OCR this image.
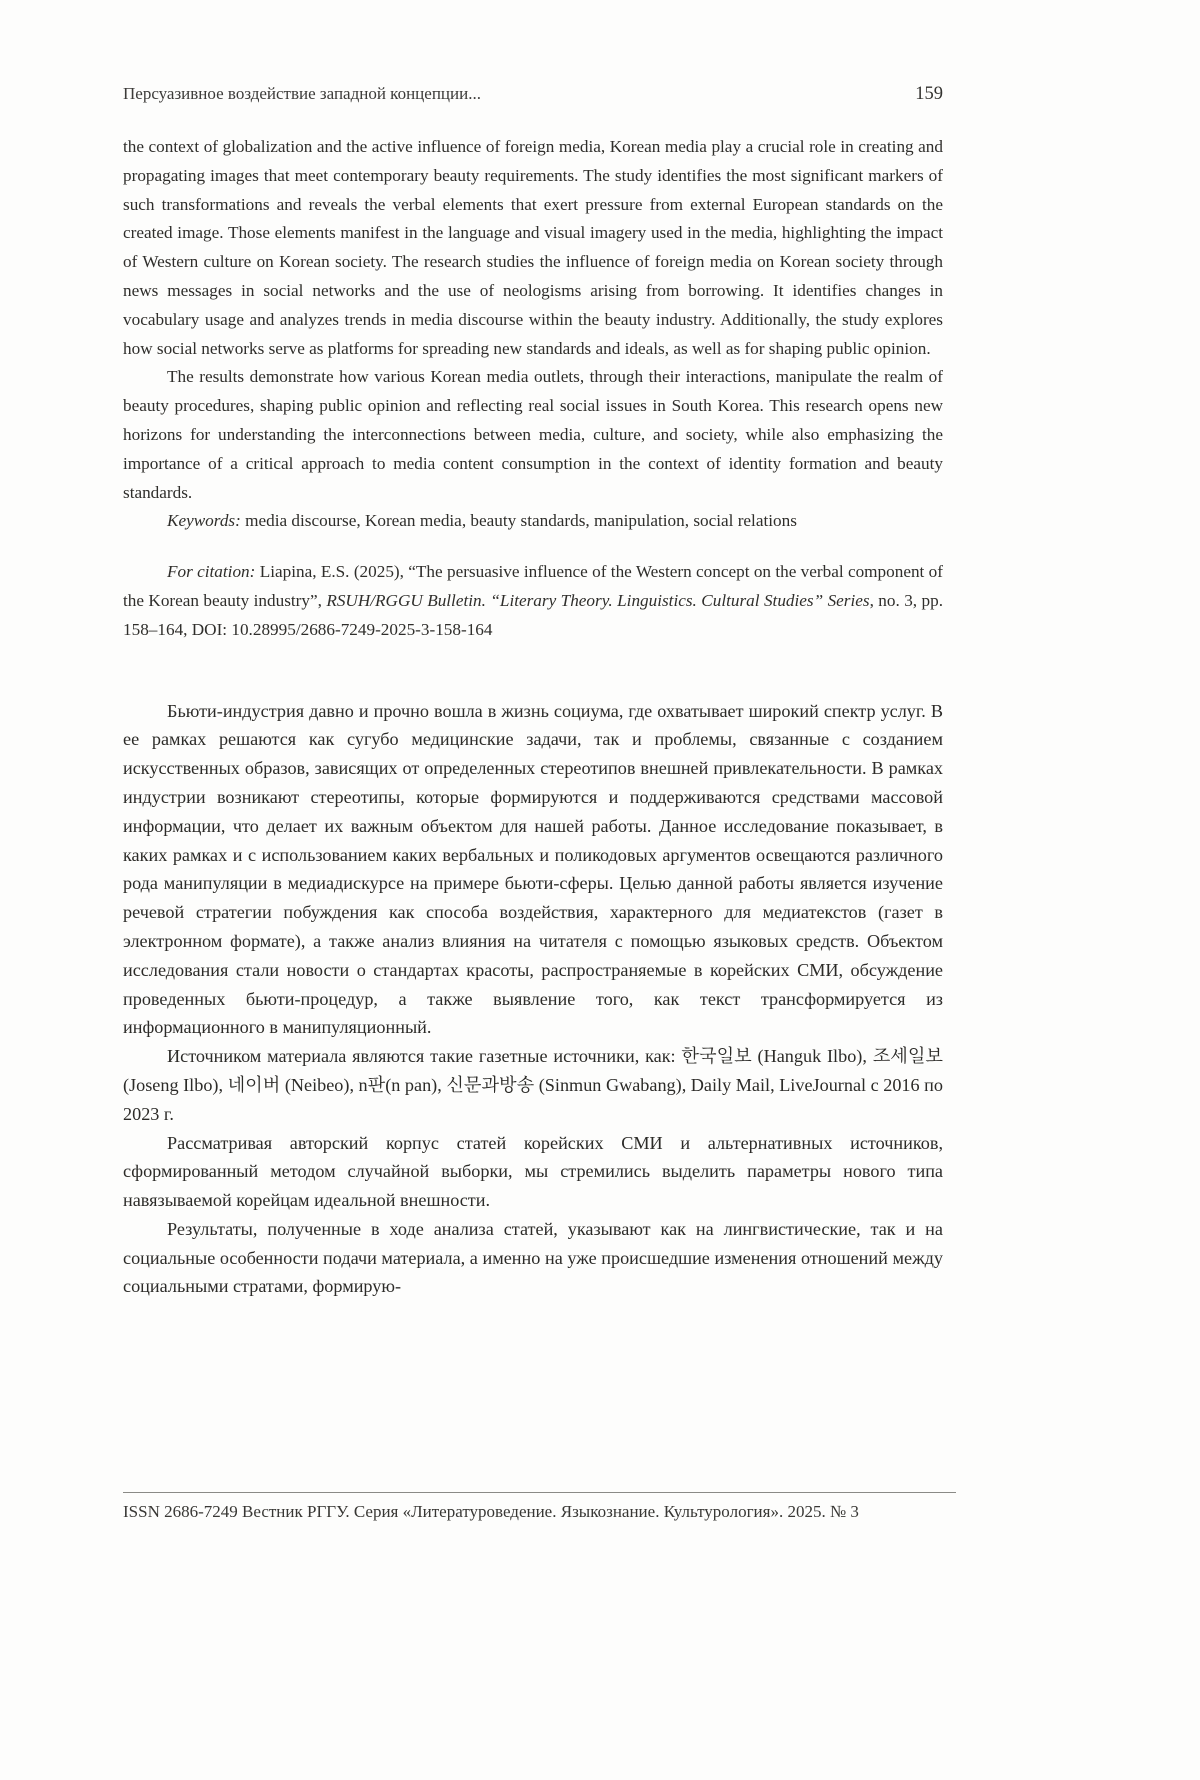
Персуазивное воздействие западной концепции...	159

the context of globalization and the active influence of foreign media, Korean media play a crucial role in creating and propagating images that meet contemporary beauty requirements. The study identifies the most significant markers of such transformations and reveals the verbal elements that exert pressure from external European standards on the created image. Those elements manifest in the language and visual imagery used in the media, highlighting the impact of Western culture on Korean society. The research studies the influence of foreign media on Korean society through news messages in social networks and the use of neologisms arising from borrowing. It identifies changes in vocabulary usage and analyzes trends in media discourse within the beauty industry. Additionally, the study explores how social networks serve as platforms for spreading new standards and ideals, as well as for shaping public opinion.

The results demonstrate how various Korean media outlets, through their interactions, manipulate the realm of beauty procedures, shaping public opinion and reflecting real social issues in South Korea. This research opens new horizons for understanding the interconnections between media, culture, and society, while also emphasizing the importance of a critical approach to media content consumption in the context of identity formation and beauty standards.

Keywords: media discourse, Korean media, beauty standards, manipulation, social relations

For citation: Liapina, E.S. (2025), “The persuasive influence of the Western concept on the verbal component of the Korean beauty industry”, RSUH/RGGU Bulletin. “Literary Theory. Linguistics. Cultural Studies” Series, no. 3, pp. 158–164, DOI: 10.28995/2686-7249-2025-3-158-164

Бьюти-индустрия давно и прочно вошла в жизнь социума, где охватывает широкий спектр услуг. В ее рамках решаются как сугубо медицинские задачи, так и проблемы, связанные с созданием искусственных образов, зависящих от определенных стереотипов внешней привлекательности. В рамках индустрии возникают стереотипы, которые формируются и поддерживаются средствами массовой информации, что делает их важным объектом для нашей работы. Данное исследование показывает, в каких рамках и с использованием каких вербальных и поликодовых аргументов освещаются различного рода манипуляции в медиадискурсе на примере бьюти-сферы. Целью данной работы является изучение речевой стратегии побуждения как способа воздействия, характерного для медиатекстов (газет в электронном формате), а также анализ влияния на читателя с помощью языковых средств. Объектом исследования стали новости о стандартах красоты, распространяемые в корейских СМИ, обсуждение проведенных бьюти-процедур, а также выявление того, как текст трансформируется из информационного в манипуляционный.

Источником материала являются такие газетные источники, как: 한국일보 (Hanguk Ilbo), 조세일보 (Joseng Ilbo), 네이버 (Neibeo), n판(n pan), 신문과방송 (Sinmun Gwabang), Daily Mail, LiveJournal с 2016 по 2023 г.

Рассматривая авторский корпус статей корейских СМИ и альтернативных источников, сформированный методом случайной выборки, мы стремились выделить параметры нового типа навязываемой корейцам идеальной внешности.

Результаты, полученные в ходе анализа статей, указывают как на лингвистические, так и на социальные особенности подачи материала, а именно на уже происшедшие изменения отношений между социальными стратами, формирую-

ISSN 2686-7249 Вестник РГГУ. Серия «Литературоведение. Языкознание. Культурология». 2025. № 3
